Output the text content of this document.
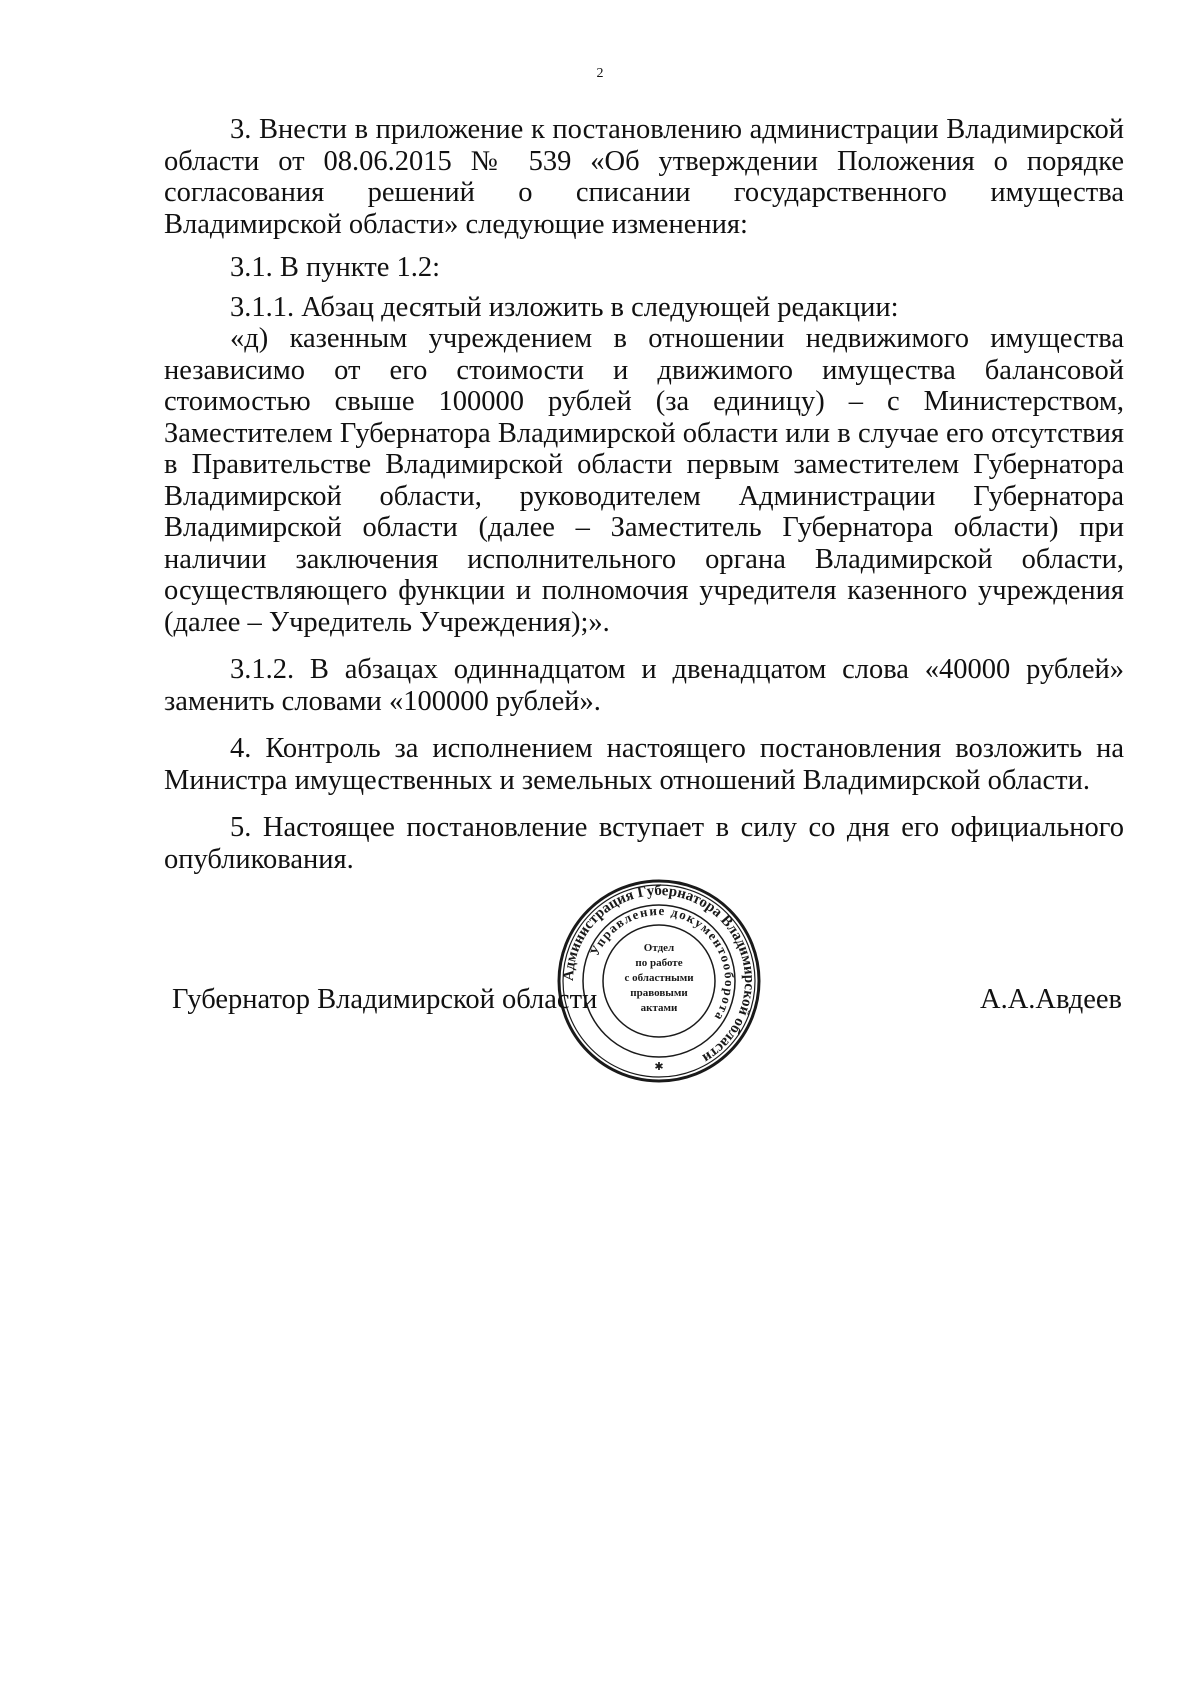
2

3. Внести в приложение к постановлению администрации Владимирской области от 08.06.2015 № 539 «Об утверждении Положения о порядке согласования решений о списании государственного имущества Владимирской области» следующие изменения:

3.1. В пункте 1.2:

3.1.1. Абзац десятый изложить в следующей редакции:

«д) казенным учреждением в отношении недвижимого имущества независимо от его стоимости и движимого имущества балансовой стоимостью свыше 100000 рублей (за единицу) – с Министерством, Заместителем Губернатора Владимирской области или в случае его отсутствия в Правительстве Владимирской области первым заместителем Губернатора Владимирской области, руководителем Администрации Губернатора Владимирской области (далее – Заместитель Губернатора области) при наличии заключения исполнительного органа Владимирской области, осуществляющего функции и полномочия учредителя казенного учреждения (далее – Учредитель Учреждения);».

3.1.2. В абзацах одиннадцатом и двенадцатом слова «40000 рублей» заменить словами «100000 рублей».

4. Контроль за исполнением настоящего постановления возложить на Министра имущественных и земельных отношений Владимирской области.

5. Настоящее постановление вступает в силу со дня его официального опубликования.

Администрация Губернатора Владимирской области
Управление документооборота
✱
Отдел
по работе
с областными
правовыми
актами
Губернатор Владимирской области	А.А.Авдеев
